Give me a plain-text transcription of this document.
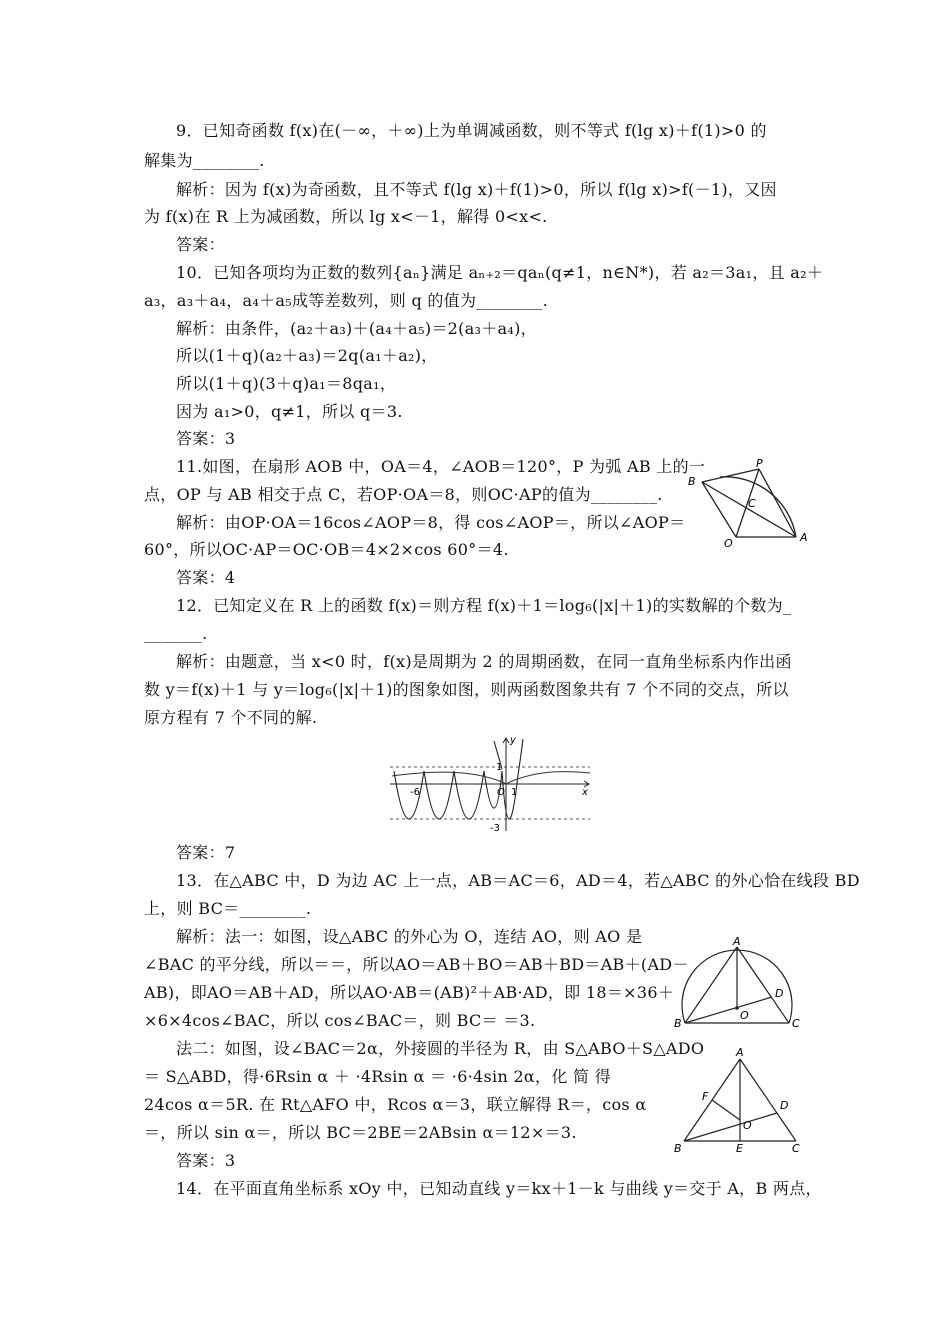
9．已知奇函数 f(x)在(－∞，＋∞)上为单调减函数，则不等式 f(lg x)＋f(1)>0 的
解集为________.
解析：因为 f(x)为奇函数，且不等式 f(lg x)＋f(1)>0，所以 f(lg x)>f(－1)，又因
为 f(x)在 R 上为减函数，所以 lg x<－1，解得 0<x<.
答案：
10．已知各项均为正数的数列{aₙ}满足 aₙ₊₂＝qaₙ(q≠1，n∈N*)，若 a₂＝3a₁，且 a₂＋
a₃，a₃＋a₄，a₄＋a₅成等差数列，则 q 的值为________.
解析：由条件，(a₂＋a₃)＋(a₄＋a₅)＝2(a₃＋a₄)，
所以(1＋q)(a₂＋a₃)＝2q(a₁＋a₂)，
所以(1＋q)(3＋q)a₁＝8qa₁，
因为 a₁>0，q≠1，所以 q＝3.
答案：3
11.如图，在扇形 AOB 中，OA＝4，∠AOB＝120°，P 为弧 AB 上的一
点，OP 与 AB 相交于点 C，若OP·OA＝8，则OC·AP的值为________.
解析：由OP·OA＝16cos∠AOP＝8，得 cos∠AOP＝，所以∠AOP＝
60°，所以OC·AP＝OC·OB＝4×2×cos 60°＝4.
答案：4
B
P
C
O	A
12．已知定义在 R 上的函数 f(x)＝则方程 f(x)＋1＝log₆(|x|＋1)的实数解的个数为_
_______.
解析：由题意，当 x<0 时，f(x)是周期为 2 的周期函数，在同一直角坐标系内作出函
数 y＝f(x)＋1 与 y＝log₆(|x|＋1)的图象如图，则两函数图象共有 7 个不同的交点，所以
原方程有 7 个不同的解.
y
1
-6	O 1	x
-3
答案：7
13．在△ABC 中，D 为边 AC 上一点，AB＝AC＝6，AD＝4，若△ABC 的外心恰在线段 BD
上，则 BC＝________.
解析：法一：如图，设△ABC 的外心为 O，连结 AO，则 AO 是
∠BAC 的平分线，所以＝＝，所以AO＝AB＋BO＝AB＋BD＝AB＋(AD－
AB)，即AO＝AB＋AD，所以AO·AB＝(AB)²＋AB·AD，即 18＝×36＋
×6×4cos∠BAC，所以 cos∠BAC＝，则 BC＝ ＝3.
法二：如图，设∠BAC＝2α，外接圆的半径为 R，由 S△ABO＋S△ADO
＝ S△ABD，得·6Rsin α ＋ ·4Rsin α ＝ ·6·4sin 2α，化 简 得
24cos α＝5R. 在 Rt△AFO 中，Rcos α＝3，联立解得 R＝，cos α
＝，所以 sin α＝，所以 BC＝2BE＝2ABsin α＝12×＝3.
答案：3
A
D
O
B	C
A
F
D
O
B	E	C
14．在平面直角坐标系 xOy 中，已知动直线 y＝kx＋1－k 与曲线 y＝交于 A，B 两点，
